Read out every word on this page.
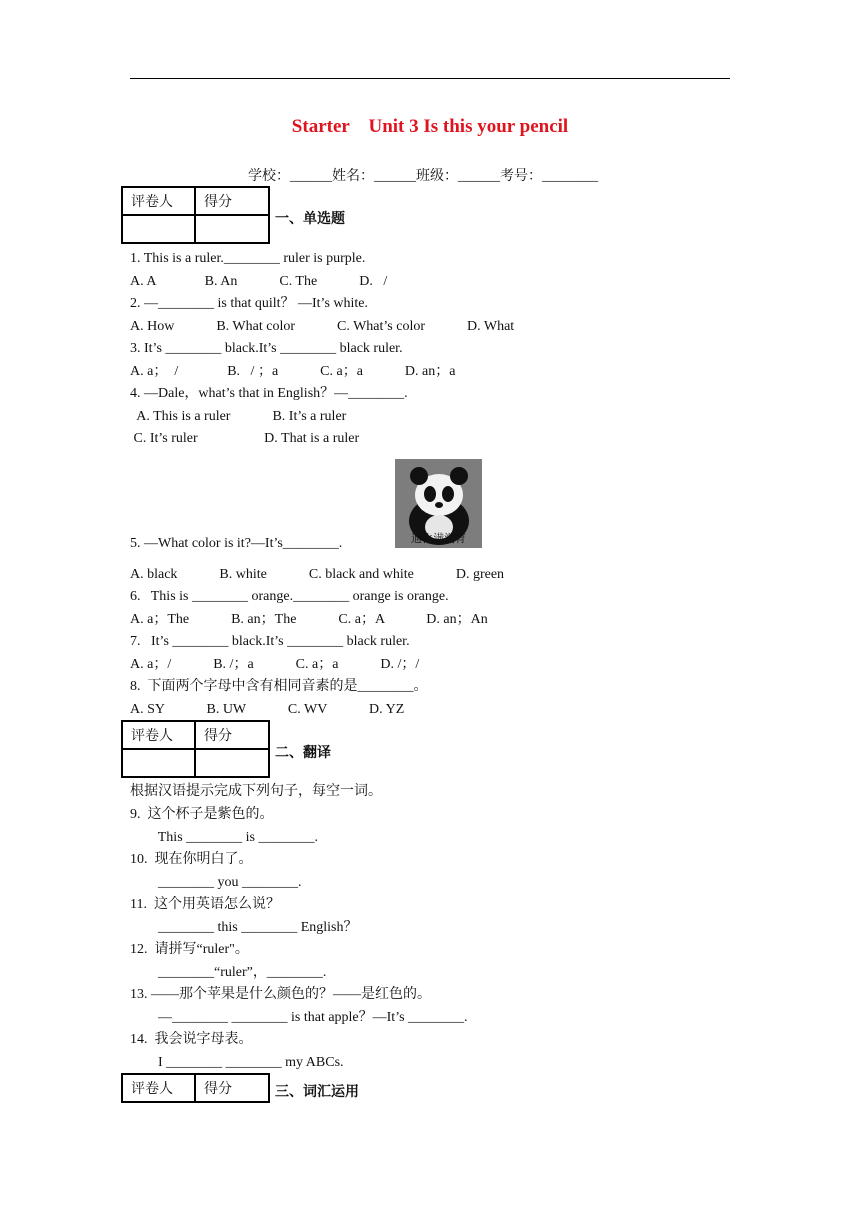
Starter    Unit 3 Is this your pencil
学校：______姓名：______班级：______考号：________
评卷人	得分

一、单选题
1. This is a ruler.________ ruler is purple.
A. A              B. An            C. The            D.   /
2. —________ is that quilt？ —It’s white.
A. How            B. What color            C. What’s color            D. What
3. It’s ________ black.It’s ________ black ruler.
A. a；  /              B.   / ；a            C. a；a            D. an；a
4. —Dale，what’s that in English？—________.
A. This is a ruler            B. It’s a ruler
C. It’s ruler                   D. That is a ruler
通化满润育
5. —What color is it?—It’s________.
A. black            B. white            C. black and white            D. green
6.   This is ________ orange.________ orange is orange.
A. a；The            B. an；The            C. a；A            D. an；An
7.   It’s ________ black.It’s ________ black ruler.
A. a；/            B. /；a            C. a；a            D. /；/
8.  下面两个字母中含有相同音素的是________。
A. SY            B. UW            C. WV            D. YZ
评卷人	得分

二、翻译
根据汉语提示完成下列句子，每空一词。
9.  这个杯子是紫色的。
This ________ is ________.
10.  现在你明白了。
________ you ________.
11.  这个用英语怎么说？
________ this ________ English？
12.  请拼写“ruler"。
________“ruler”，________.
13. ——那个苹果是什么颜色的？——是红色的。
—________ ________ is that apple？—It’s ________.
14.  我会说字母表。
I ________ ________ my ABCs.
评卷人	得分	三、词汇运用
